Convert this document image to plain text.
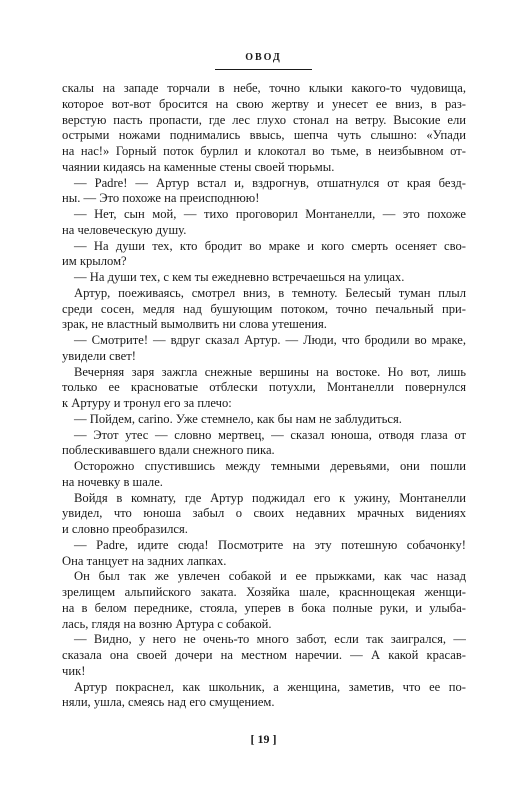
ОВОД
скалы на западе торчали в небе, точно клыки какого-то чудовища,
которое вот-вот бросится на свою жертву и унесет ее вниз, в раз-
верстую пасть пропасти, где лес глухо стонал на ветру. Высокие ели
острыми ножами поднимались ввысь, шепча чуть слышно: «Упади
на нас!» Горный поток бурлил и клокотал во тьме, в неизбывном от-
чаянии кидаясь на каменные стены своей тюрьмы.
— Padre! — Артур встал и, вздрогнув, отшатнулся от края безд-
ны. — Это похоже на преисподнюю!
— Нет, сын мой, — тихо проговорил Монтанелли, — это похоже
на человеческую душу.
— На души тех, кто бродит во мраке и кого смерть осеняет сво-
им крылом?
— На души тех, с кем ты ежедневно встречаешься на улицах.
Артур, поеживаясь, смотрел вниз, в темноту. Белесый туман плыл
среди сосен, медля над бушующим потоком, точно печальный при-
зрак, не властный вымолвить ни слова утешения.
— Смотрите! — вдруг сказал Артур. — Люди, что бродили во мраке,
увидели свет!
Вечерняя заря зажгла снежные вершины на востоке. Но вот, лишь
только ее красноватые отблески потухли, Монтанелли повернулся
к Артуру и тронул его за плечо:
— Пойдем, carino. Уже стемнело, как бы нам не заблудиться.
— Этот утес — словно мертвец, — сказал юноша, отводя глаза от
поблескивавшего вдали снежного пика.
Осторожно спустившись между темными деревьями, они пошли
на ночевку в шале.
Войдя в комнату, где Артур поджидал его к ужину, Монтанелли
увидел, что юноша забыл о своих недавних мрачных видениях
и словно преобразился.
— Padre, идите сюда! Посмотрите на эту потешную собачонку!
Она танцует на задних лапках.
Он был так же увлечен собакой и ее прыжками, как час назад
зрелищем альпийского заката. Хозяйка шале, красннощекая женщи-
на в белом переднике, стояла, уперев в бока полные руки, и улыба-
лась, глядя на возню Артура с собакой.
— Видно, у него не очень-то много забот, если так заигрался, —
сказала она своей дочери на местном наречии. — А какой красав-
чик!
Артур покраснел, как школьник, а женщина, заметив, что ее по-
няли, ушла, смеясь над его смущением.
[ 19 ]
